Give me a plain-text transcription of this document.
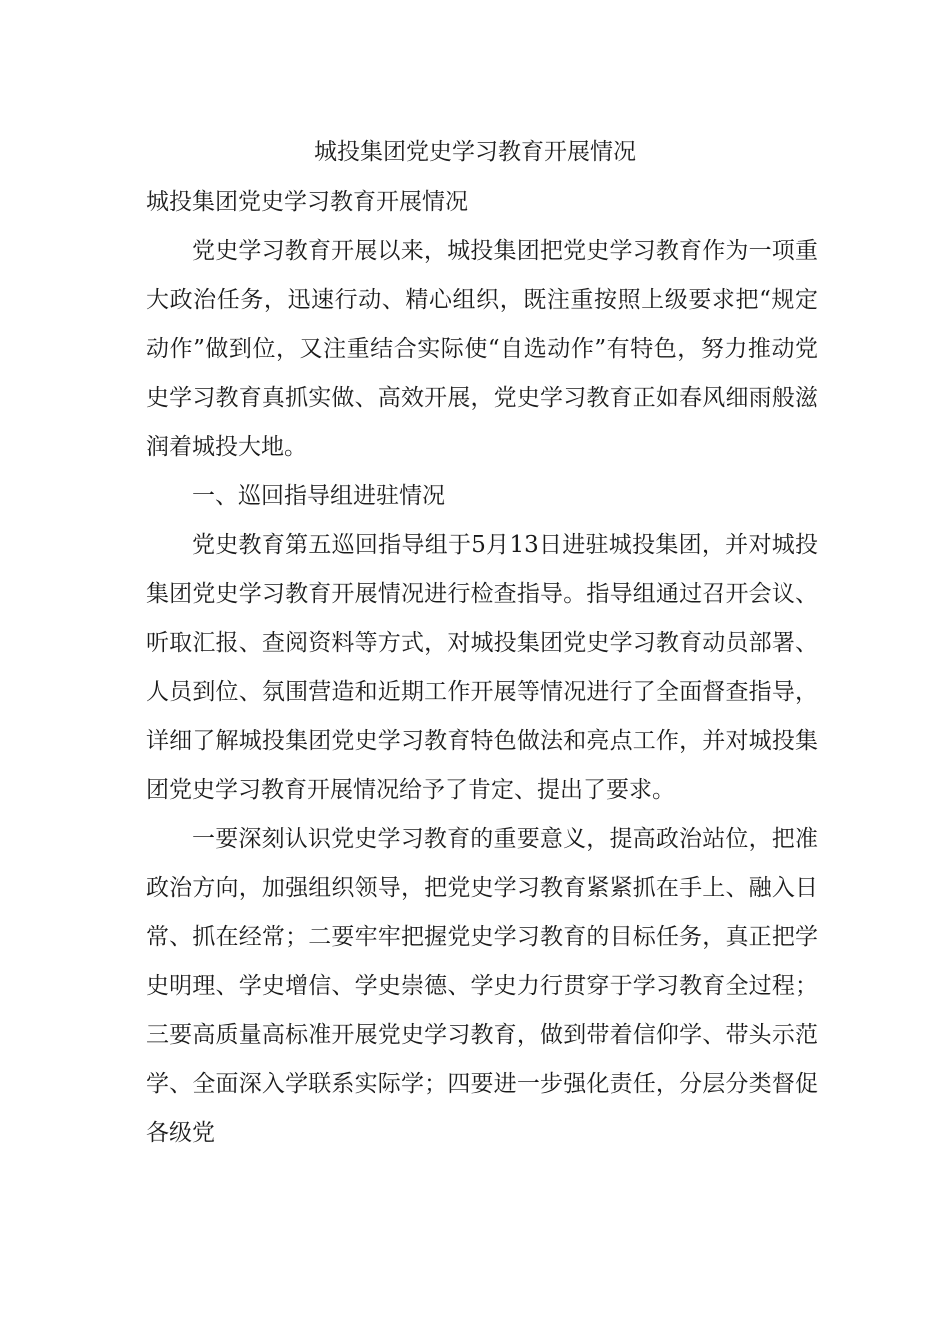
城投集团党史学习教育开展情况

城投集团党史学习教育开展情况

党史学习教育开展以来，城投集团把党史学习教育作为一项重大政治任务，迅速行动、精心组织，既注重按照上级要求把“规定动作”做到位，又注重结合实际使“自选动作”有特色，努力推动党史学习教育真抓实做、高效开展，党史学习教育正如春风细雨般滋润着城投大地。

一、巡回指导组进驻情况

党史教育第五巡回指导组于5月13日进驻城投集团，并对城投集团党史学习教育开展情况进行检查指导。指导组通过召开会议、听取汇报、查阅资料等方式，对城投集团党史学习教育动员部署、人员到位、氛围营造和近期工作开展等情况进行了全面督查指导，详细了解城投集团党史学习教育特色做法和亮点工作，并对城投集团党史学习教育开展情况给予了肯定、提出了要求。

一要深刻认识党史学习教育的重要意义，提高政治站位，把准政治方向，加强组织领导，把党史学习教育紧紧抓在手上、融入日常、抓在经常；二要牢牢把握党史学习教育的目标任务，真正把学史明理、学史增信、学史崇德、学史力行贯穿于学习教育全过程；三要高质量高标准开展党史学习教育，做到带着信仰学、带头示范学、全面深入学联系实际学；四要进一步强化责任，分层分类督促各级党
